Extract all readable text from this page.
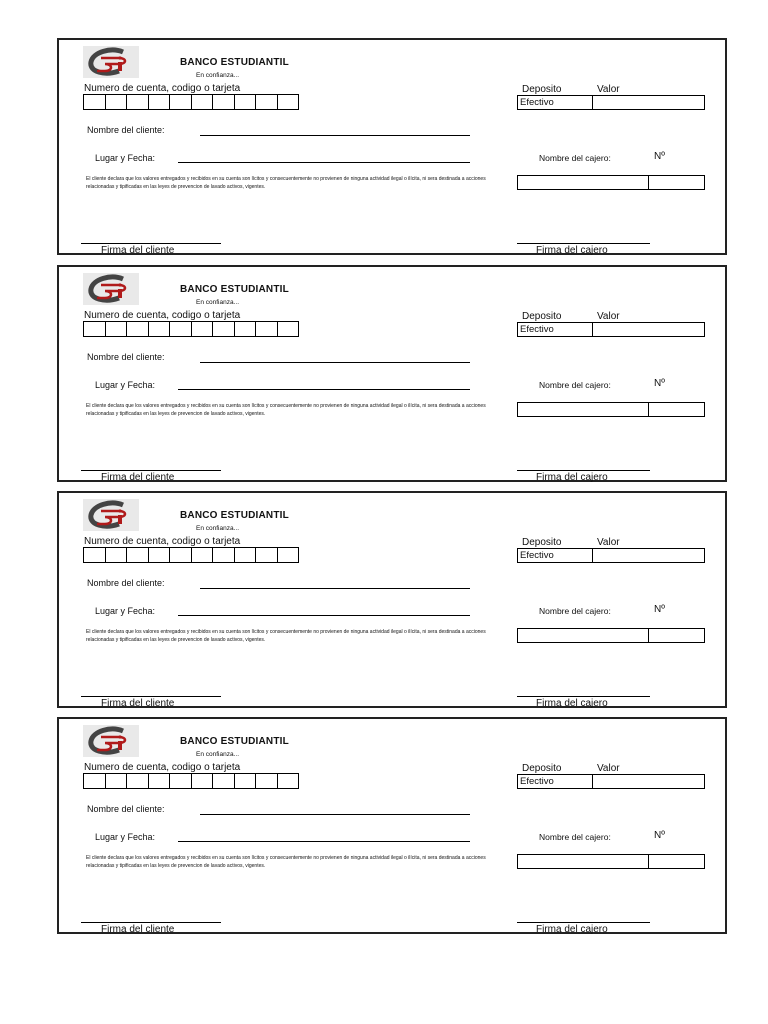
BANCO ESTUDIANTIL
En confianza...
Numero de cuenta, codigo o tarjeta	Deposito	Valor
Efectivo
Nombre del cliente:
Lugar y Fecha:	Nombre del cajero:	Nº
El cliente declara que los valores entregados y recibidos en su cuenta son lícitos y consecuentemente no provienen de ninguna actividad ilegal o ilícita, ni sera destinada a acciones relacionadas y tipificadas en las leyes de prevencion de lavado activos, vigentes.
Firma del cliente	Firma del cajero
BANCO ESTUDIANTIL
En confianza...
Numero de cuenta, codigo o tarjeta	Deposito	Valor
Efectivo
Nombre del cliente:
Lugar y Fecha:	Nombre del cajero:	Nº
El cliente declara que los valores entregados y recibidos en su cuenta son lícitos y consecuentemente no provienen de ninguna actividad ilegal o ilícita, ni sera destinada a acciones relacionadas y tipificadas en las leyes de prevencion de lavado activos, vigentes.
Firma del cliente	Firma del cajero
BANCO ESTUDIANTIL
En confianza...
Numero de cuenta, codigo o tarjeta	Deposito	Valor
Efectivo
Nombre del cliente:
Lugar y Fecha:	Nombre del cajero:	Nº
El cliente declara que los valores entregados y recibidos en su cuenta son lícitos y consecuentemente no provienen de ninguna actividad ilegal o ilícita, ni sera destinada a acciones relacionadas y tipificadas en las leyes de prevencion de lavado activos, vigentes.
Firma del cliente	Firma del cajero
BANCO ESTUDIANTIL
En confianza...
Numero de cuenta, codigo o tarjeta	Deposito	Valor
Efectivo
Nombre del cliente:
Lugar y Fecha:	Nombre del cajero:	Nº
El cliente declara que los valores entregados y recibidos en su cuenta son lícitos y consecuentemente no provienen de ninguna actividad ilegal o ilícita, ni sera destinada a acciones relacionadas y tipificadas en las leyes de prevencion de lavado activos, vigentes.
Firma del cliente	Firma del cajero
